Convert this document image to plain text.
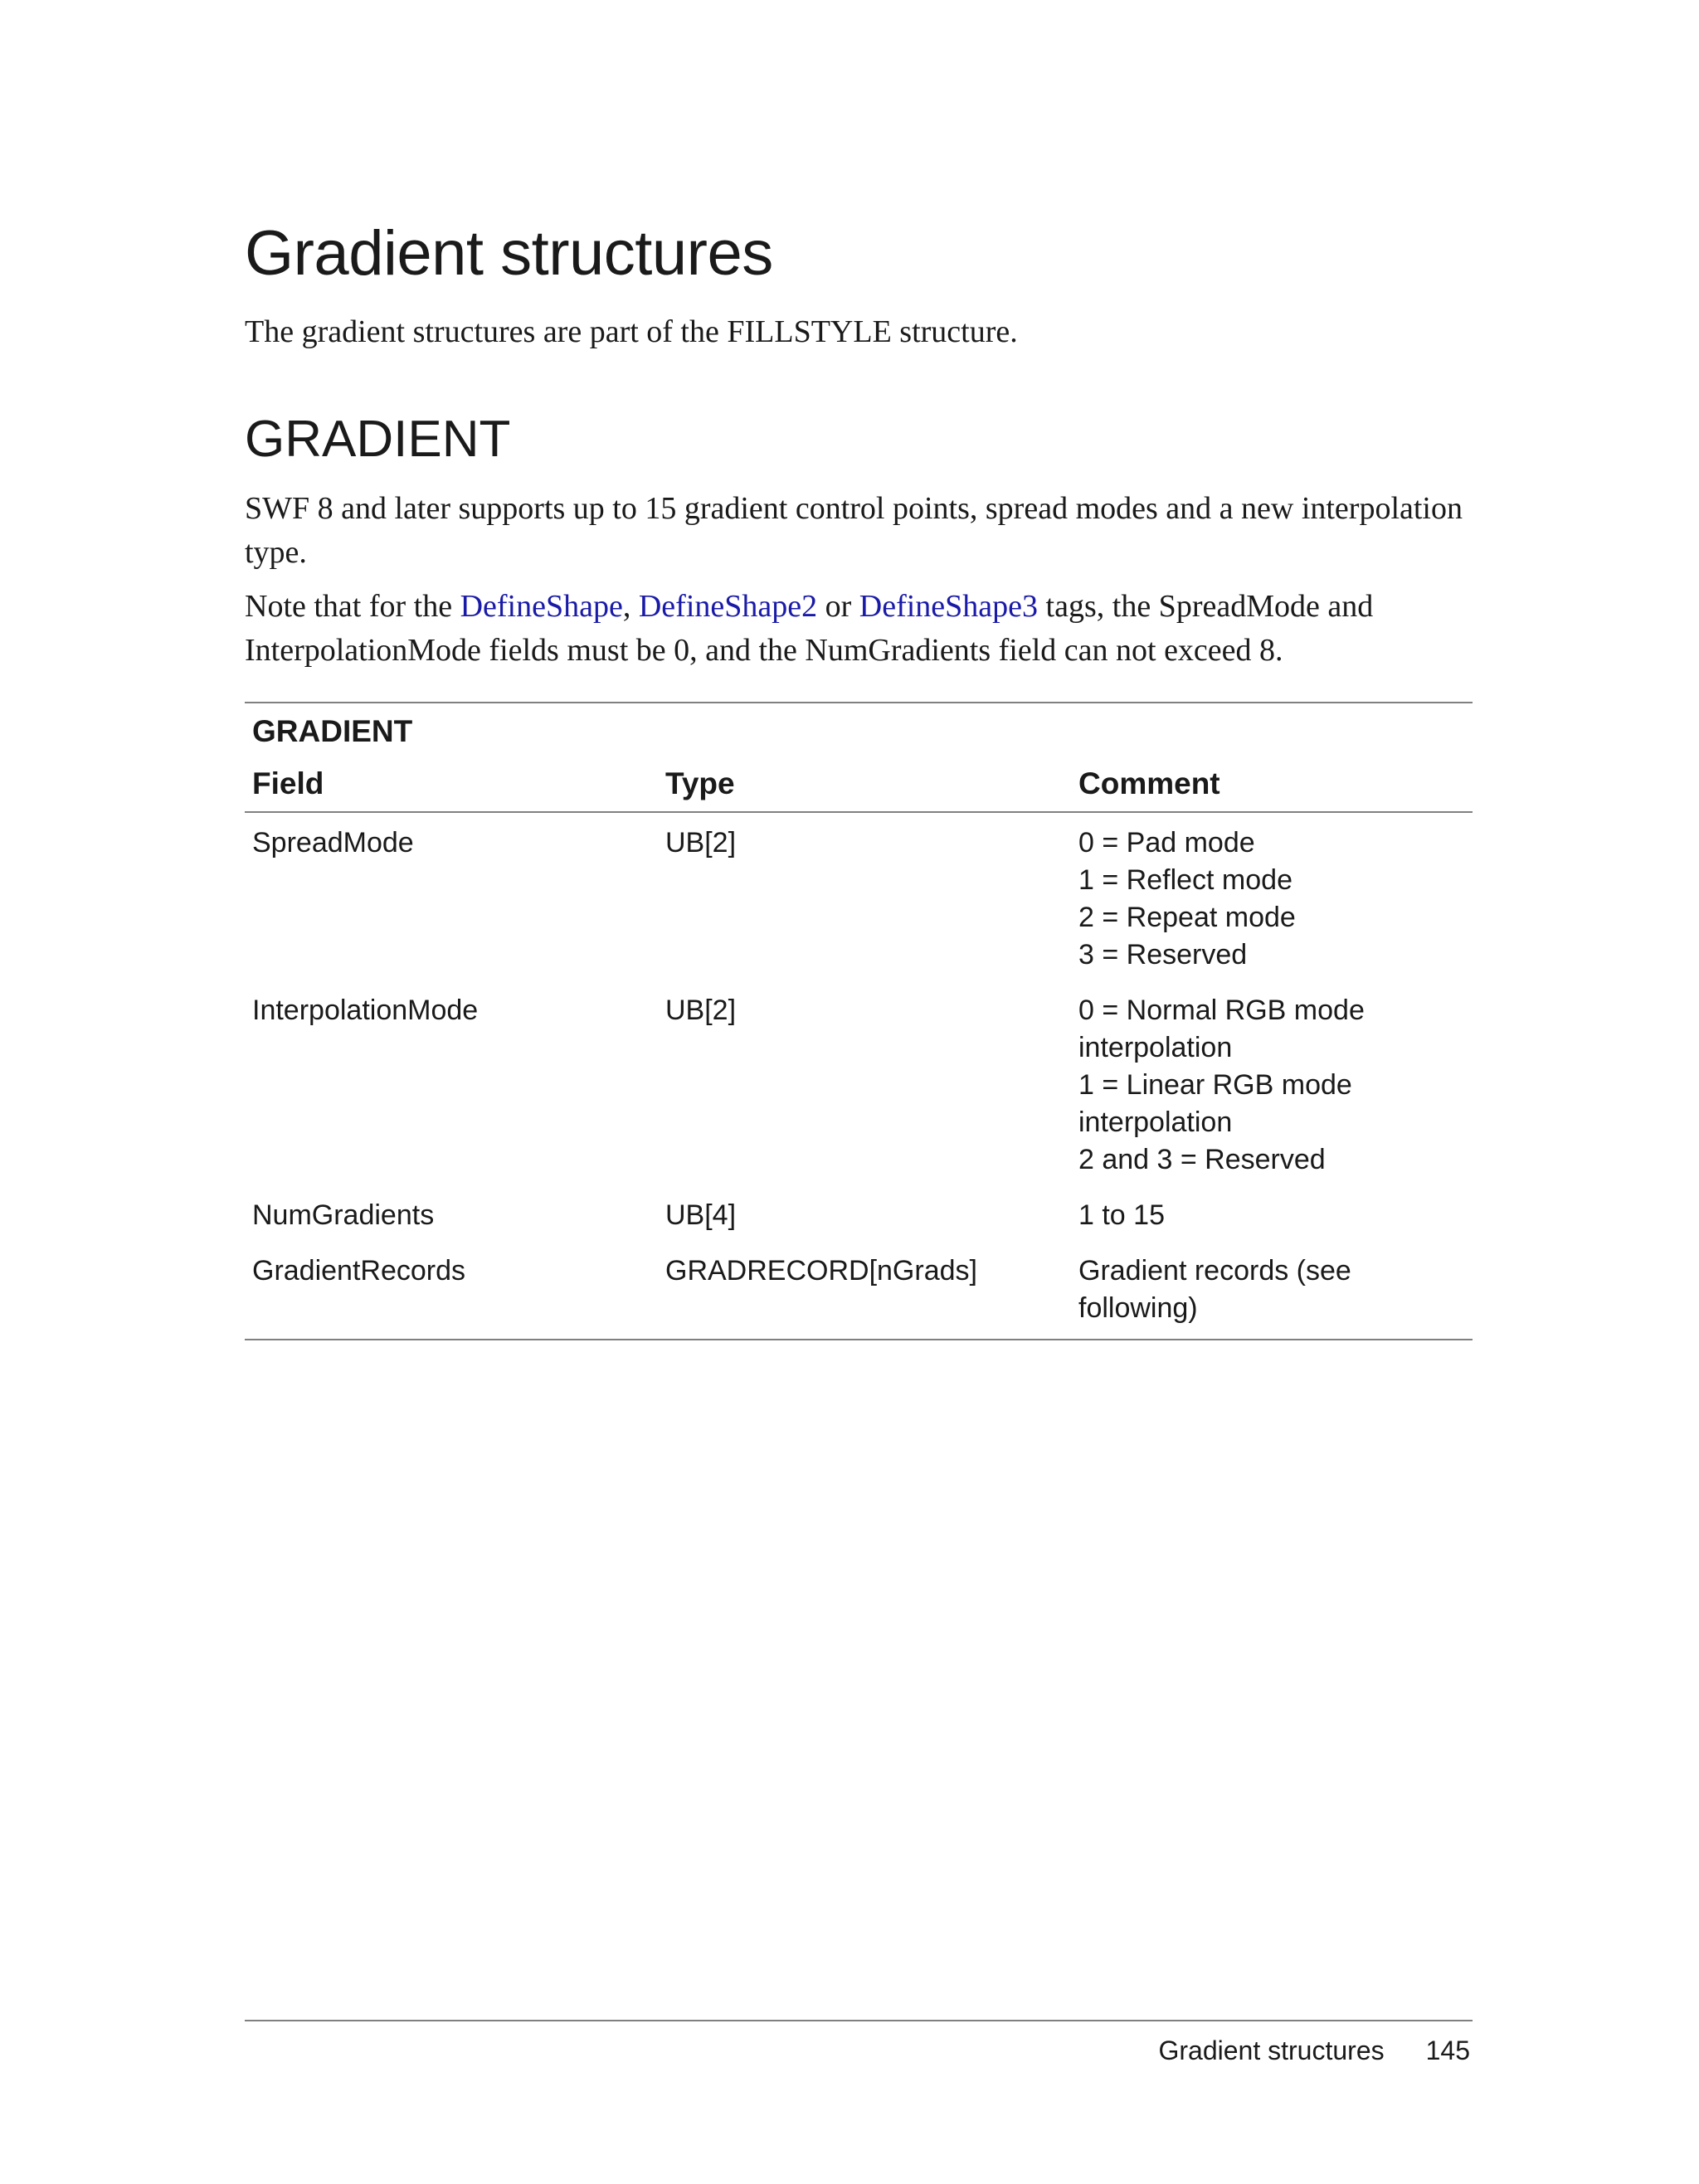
Gradient structures

The gradient structures are part of the FILLSTYLE structure.

GRADIENT

SWF 8 and later supports up to 15 gradient control points, spread modes and a new interpolation type.

Note that for the DefineShape, DefineShape2 or DefineShape3 tags, the SpreadMode and InterpolationMode fields must be 0, and the NumGradients field can not exceed 8.

GRADIENT
Field	Type	Comment
SpreadMode	UB[2]	0 = Pad mode
1 = Reflect mode
2 = Repeat mode
3 = Reserved

InterpolationMode	UB[2]	0 = Normal RGB mode
interpolation
1 = Linear RGB mode
interpolation
2 and 3 = Reserved

NumGradients	UB[4]	1 to 15

GradientRecords	GRADRECORD[nGrads]	Gradient records (see
following)
Gradient structures 145
